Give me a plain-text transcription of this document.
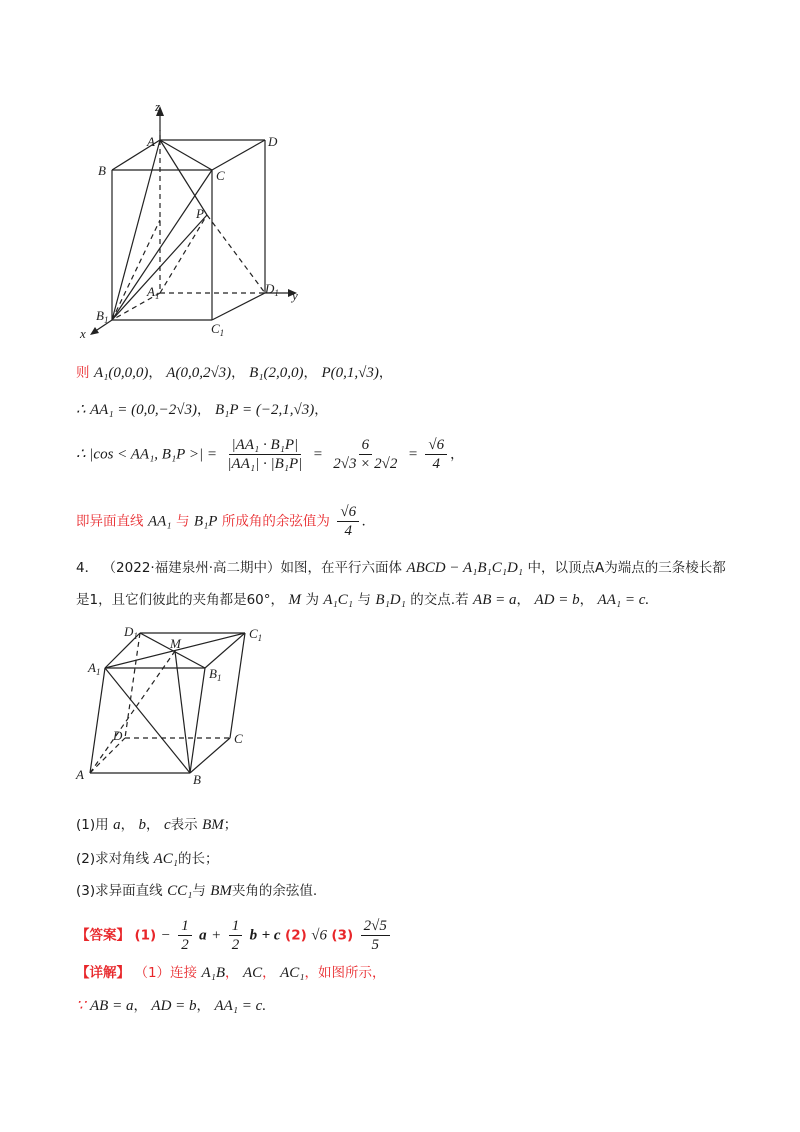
z
A	D
B	C
P
$A_1$	$D_1$ y
$B_1$
$C_1$
x
$D_1$ M
$C_1$
$A_1$	$B_1$
D	C
A	B
则 A₁(0,0,0)， A(0,0,2√3)， B₁(2,0,0)， P(0,1,√3)，
∴ AA₁ = (0,0,−2√3)， B₁P = (−2,1,√3)，
∴ |cos < AA₁, B₁P >| = $\frac{\text{|AA₁ · B₁P|}}{\text{|AA₁| · |B₁P|}} = \frac{6}{2√3 \times 2√2} = \frac{√6}{4}$ ，
即异面直线 AA₁ 与 B₁P 所成角的余弦值为 $\frac{√6}{4}$ .
4． （2022·福建泉州·高二期中）如图，在平行六面体 ABCD − A₁B₁C₁D₁ 中，以顶点A为端点的三条棱长都
是1，且它们彼此的夹角都是60°， M 为 A₁C₁ 与 B₁D₁ 的交点.若 AB = a， AD = b， AA₁ = c.
(1)用 a， b， c表示 BM；
(2)求对角线 AC₁的长；
(3)求异面直线 CC₁与 BM夹角的余弦值.
【答案】 $(1) - \frac{1}{2}$ $a + \frac{1}{2}$ b + c (2) √6 $(3) \frac{2√5}{5}$
【详解】 （1）连接 A₁B， AC， AC₁，如图所示，
∵ AB = a， AD = b， AA₁ = c.
